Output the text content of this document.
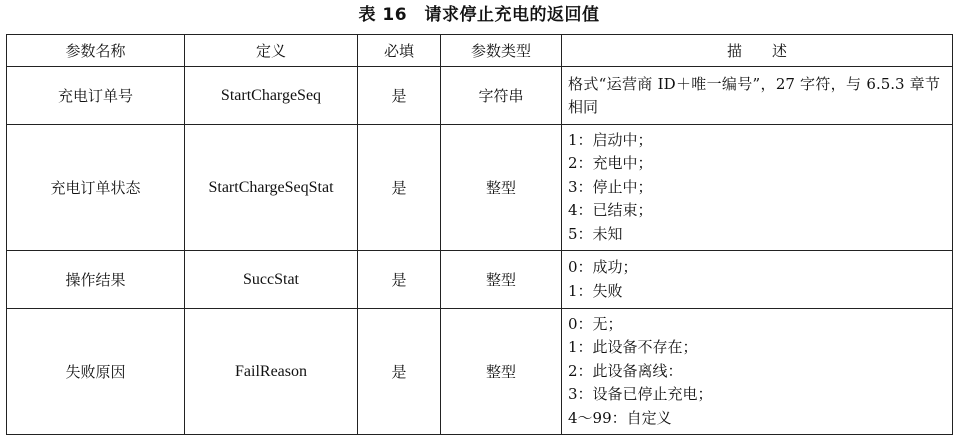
表 16　请求停止充电的返回值
参数名称	定义	必填	参数类型	描　　述
充电订单号	StartChargeSeq	是	字符串	格式“运营商 ID＋唯一编号”，27 字符，与 6.5.3 章节相同

充电订单状态	StartChargeSeqStat	是	整型	1：启动中；
2：充电中；
3：停止中；
4：已结束；
5：未知

操作结果	SuccStat	是	整型	0：成功；
1：失败

失败原因	FailReason	是	整型	0：无；
1：此设备不存在；
2：此设备离线：
3：设备已停止充电；
4～99：自定义
